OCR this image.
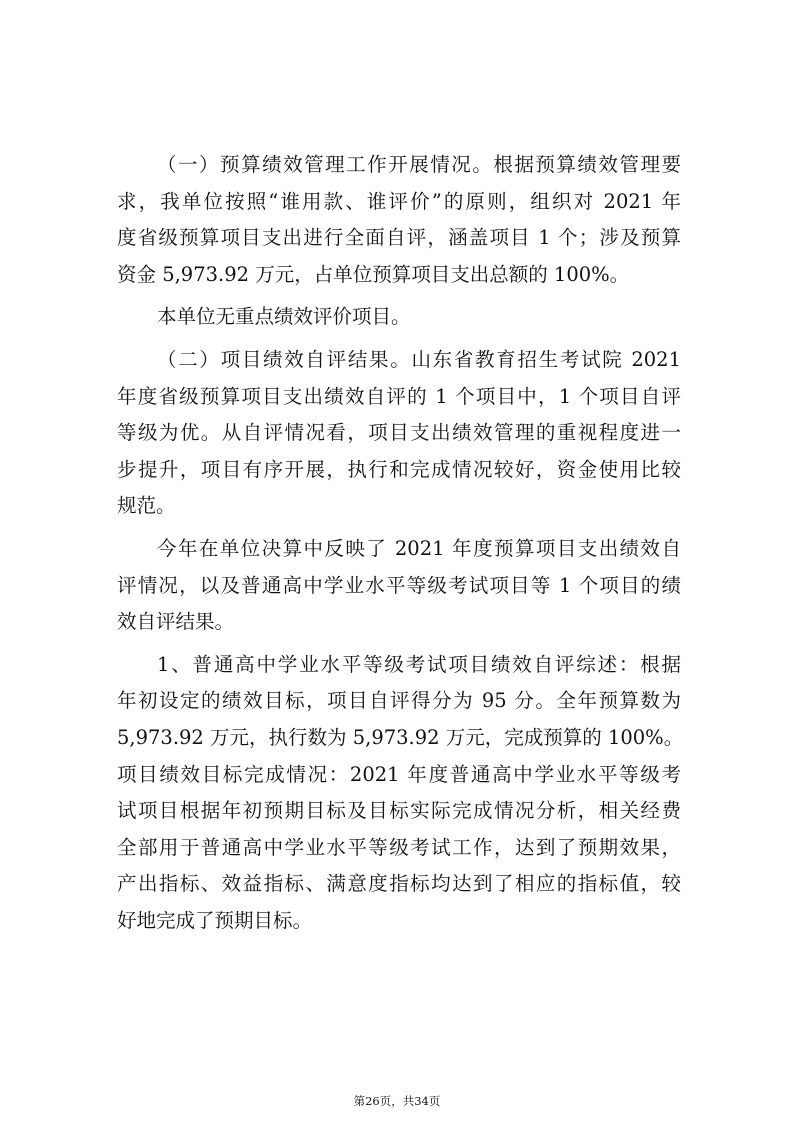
（一）预算绩效管理工作开展情况。根据预算绩效管理要
求，我单位按照“谁用款、谁评价”的原则，组织对 2021 年
度省级预算项目支出进行全面自评，涵盖项目 1 个；涉及预算
资金 5,973.92 万元，占单位预算项目支出总额的 100%。
本单位无重点绩效评价项目。
（二）项目绩效自评结果。山东省教育招生考试院 2021
年度省级预算项目支出绩效自评的 1 个项目中，1 个项目自评
等级为优。从自评情况看，项目支出绩效管理的重视程度进一
步提升，项目有序开展，执行和完成情况较好，资金使用比较
规范。
今年在单位决算中反映了 2021 年度预算项目支出绩效自
评情况，以及普通高中学业水平等级考试项目等 1 个项目的绩
效自评结果。
1、普通高中学业水平等级考试项目绩效自评综述：根据
年初设定的绩效目标，项目自评得分为 95 分。全年预算数为
5,973.92 万元，执行数为 5,973.92 万元，完成预算的 100%。
项目绩效目标完成情况：2021 年度普通高中学业水平等级考
试项目根据年初预期目标及目标实际完成情况分析，相关经费
全部用于普通高中学业水平等级考试工作，达到了预期效果，
产出指标、效益指标、满意度指标均达到了相应的指标值，较
好地完成了预期目标。
第26页，共34页
